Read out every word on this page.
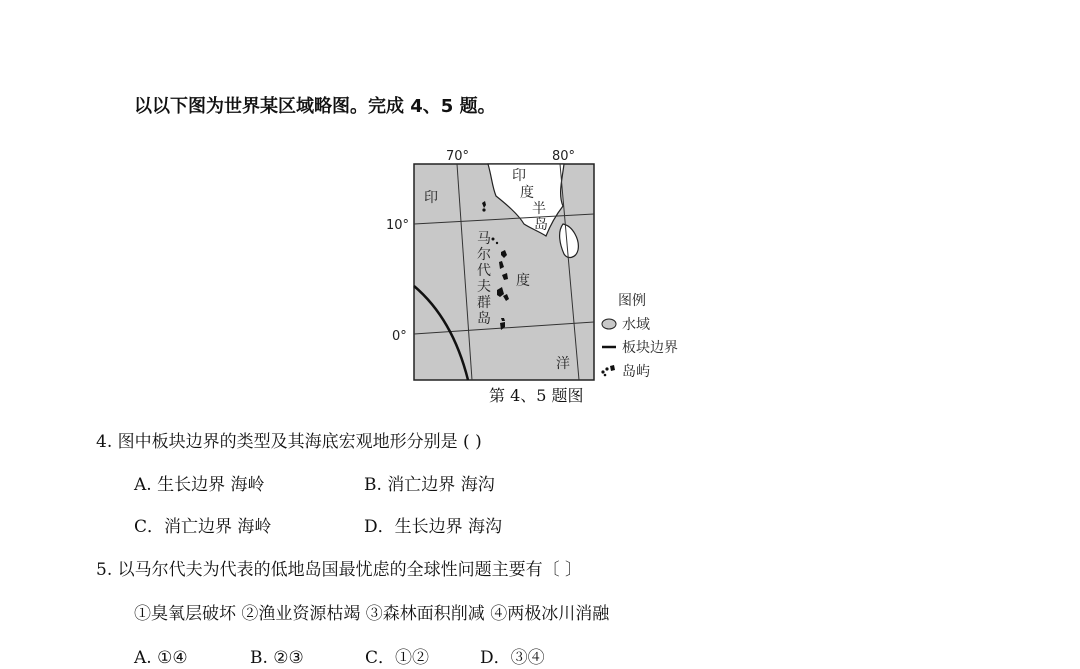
以以下图为世界某区域略图。完成 4、5 题。
70°	80°
10°
0°
印
度
半
岛
马
尔
代
夫
群
岛
印
度
洋
图例
水域
板块边界
岛屿
第 4、5 题图
4. 图中板块边界的类型及其海底宏观地形分别是 ( )
A. 生长边界 海岭	B. 消亡边界 海沟
C．消亡边界 海岭	D．生长边界 海沟
5. 以马尔代夫为代表的低地岛国最忧虑的全球性问题主要有〔 〕
①臭氧层破坏 ②渔业资源枯竭 ③森林面积削减 ④两极冰川消融
A. ①④	B. ②③	C．①②	D．③④
